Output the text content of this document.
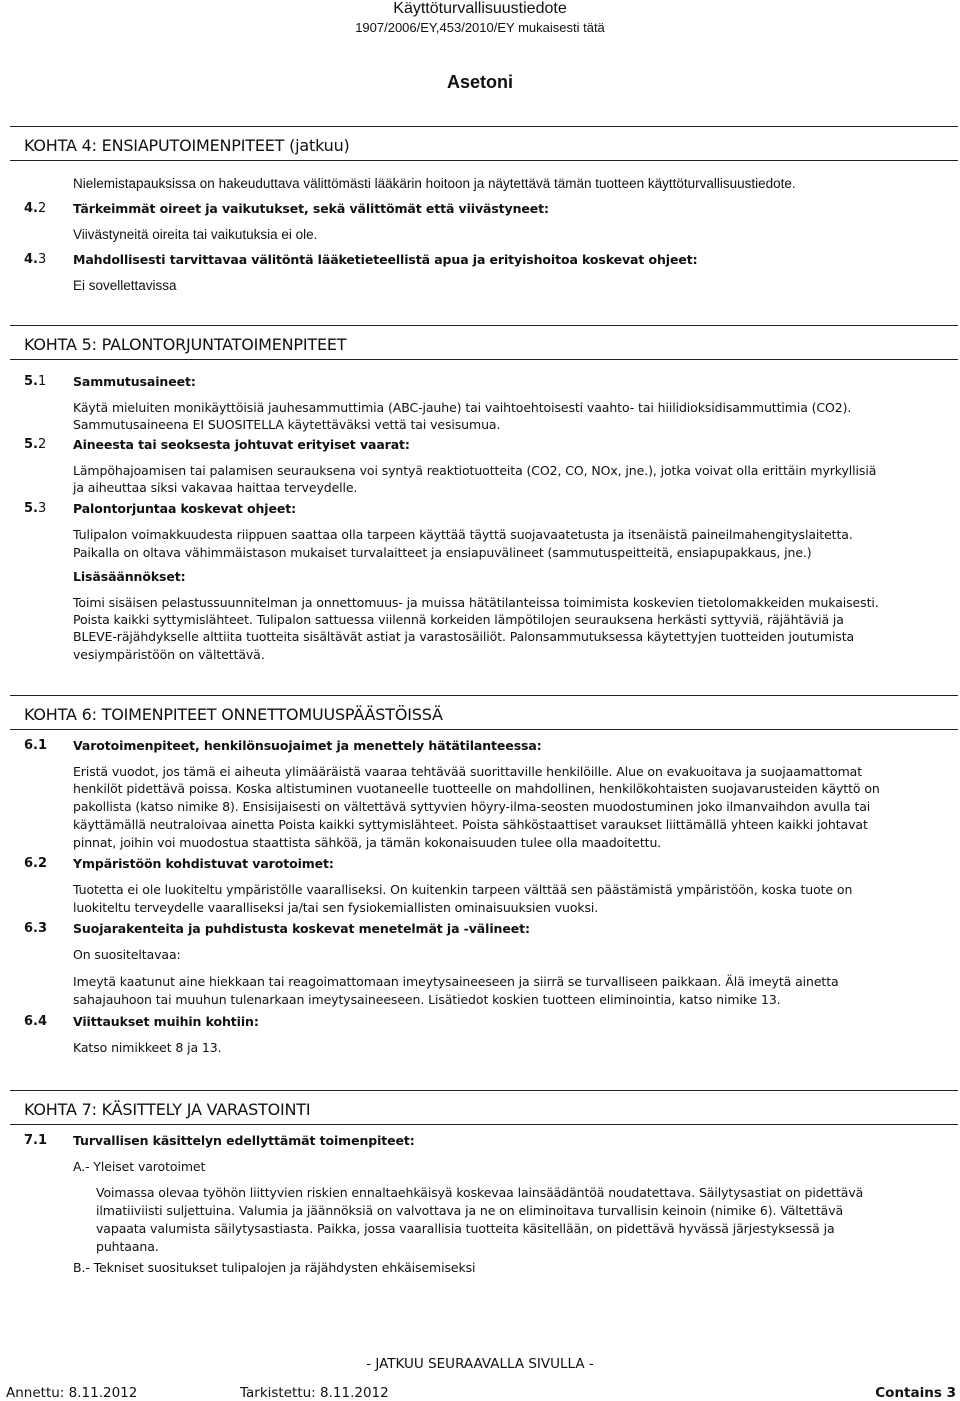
Käyttöturvallisuustiedote
1907/2006/EY,453/2010/EY mukaisesti tätä
Asetoni
KOHTA 4: ENSIAPUTOIMENPITEET (jatkuu)
Nielemistapauksissa on hakeuduttava välittömästi lääkärin hoitoon ja näytettävä tämän tuotteen käyttöturvallisuustiedote.
4.2 Tärkeimmät oireet ja vaikutukset, sekä välittömät että viivästyneet:
Viivästyneitä oireita tai vaikutuksia ei ole.
4.3 Mahdollisesti tarvittavaa välitöntä lääketieteellistä apua ja erityishoitoa koskevat ohjeet:
Ei sovellettavissa
KOHTA 5: PALONTORJUNTATOIMENPITEET
5.1 Sammutusaineet:
Käytä mieluiten monikäyttöisiä jauhesammuttimia (ABC-jauhe) tai vaihtoehtoisesti vaahto- tai hiilidioksidisammuttimia (CO2).
Sammutusaineena EI SUOSITELLA käytettäväksi vettä tai vesisumua.
5.2 Aineesta tai seoksesta johtuvat erityiset vaarat:
Lämpöhajoamisen tai palamisen seurauksena voi syntyä reaktiotuotteita (CO2, CO, NOx, jne.), jotka voivat olla erittäin myrkyllisiä
ja aiheuttaa siksi vakavaa haittaa terveydelle.
5.3 Palontorjuntaa koskevat ohjeet:
Tulipalon voimakkuudesta riippuen saattaa olla tarpeen käyttää täyttä suojavaatetusta ja itsenäistä paineilmahengityslaitetta.
Paikalla on oltava vähimmäistason mukaiset turvalaitteet ja ensiapuvälineet (sammutuspeitteitä, ensiapupakkaus, jne.)
Lisäsäännökset:
Toimi sisäisen pelastussuunnitelman ja onnettomuus- ja muissa hätätilanteissa toimimista koskevien tietolomakkeiden mukaisesti.
Poista kaikki syttymislähteet. Tulipalon sattuessa viilennä korkeiden lämpötilojen seurauksena herkästi syttyviä, räjähtäviä ja
BLEVE-räjähdykselle alttiita tuotteita sisältävät astiat ja varastosäiliöt. Palonsammutuksessa käytettyjen tuotteiden joutumista
vesiympäristöön on vältettävä.
KOHTA 6: TOIMENPITEET ONNETTOMUUSPÄÄSTÖISSÄ
6.1 Varotoimenpiteet, henkilönsuojaimet ja menettely hätätilanteessa:
Eristä vuodot, jos tämä ei aiheuta ylimääräistä vaaraa tehtävää suorittaville henkilöille. Alue on evakuoitava ja suojaamattomat
henkilöt pidettävä poissa. Koska altistuminen vuotaneelle tuotteelle on mahdollinen, henkilökohtaisten suojavarusteiden käyttö on
pakollista (katso nimike 8). Ensisijaisesti on vältettävä syttyvien höyry-ilma-seosten muodostuminen joko ilmanvaihdon avulla tai
käyttämällä neutraloivaa ainetta Poista kaikki syttymislähteet. Poista sähköstaattiset varaukset liittämällä yhteen kaikki johtavat
pinnat, joihin voi muodostua staattista sähköä, ja tämän kokonaisuuden tulee olla maadoitettu.
6.2 Ympäristöön kohdistuvat varotoimet:
Tuotetta ei ole luokiteltu ympäristölle vaaralliseksi. On kuitenkin tarpeen välttää sen päästämistä ympäristöön, koska tuote on
luokiteltu terveydelle vaaralliseksi ja/tai sen fysiokemiallisten ominaisuuksien vuoksi.
6.3 Suojarakenteita ja puhdistusta koskevat menetelmät ja -välineet:
On suositeltavaa:
Imeytä kaatunut aine hiekkaan tai reagoimattomaan imeytysaineeseen ja siirrä se turvalliseen paikkaan. Älä imeytä ainetta
sahajauhoon tai muuhun tulenarkaan imeytysaineeseen. Lisätiedot koskien tuotteen eliminointia, katso nimike 13.
6.4 Viittaukset muihin kohtiin:
Katso nimikkeet 8 ja 13.
KOHTA 7: KÄSITTELY JA VARASTOINTI
7.1 Turvallisen käsittelyn edellyttämät toimenpiteet:
A.- Yleiset varotoimet
Voimassa olevaa työhön liittyvien riskien ennaltaehkäisyä koskevaa lainsäädäntöä noudatettava. Säilytysastiat on pidettävä
ilmatiiviisti suljettuina. Valumia ja jäännöksiä on valvottava ja ne on eliminoitava turvallisin keinoin (nimike 6). Vältettävä
vapaata valumista säilytysastiasta. Paikka, jossa vaarallisia tuotteita käsitellään, on pidettävä hyvässä järjestyksessä ja
puhtaana.
B.- Tekniset suositukset tulipalojen ja räjähdysten ehkäisemiseksi
- JATKUU SEURAAVALLA SIVULLA -
Annettu: 8.11.2012	Tarkistettu: 8.11.2012	Contains 3
